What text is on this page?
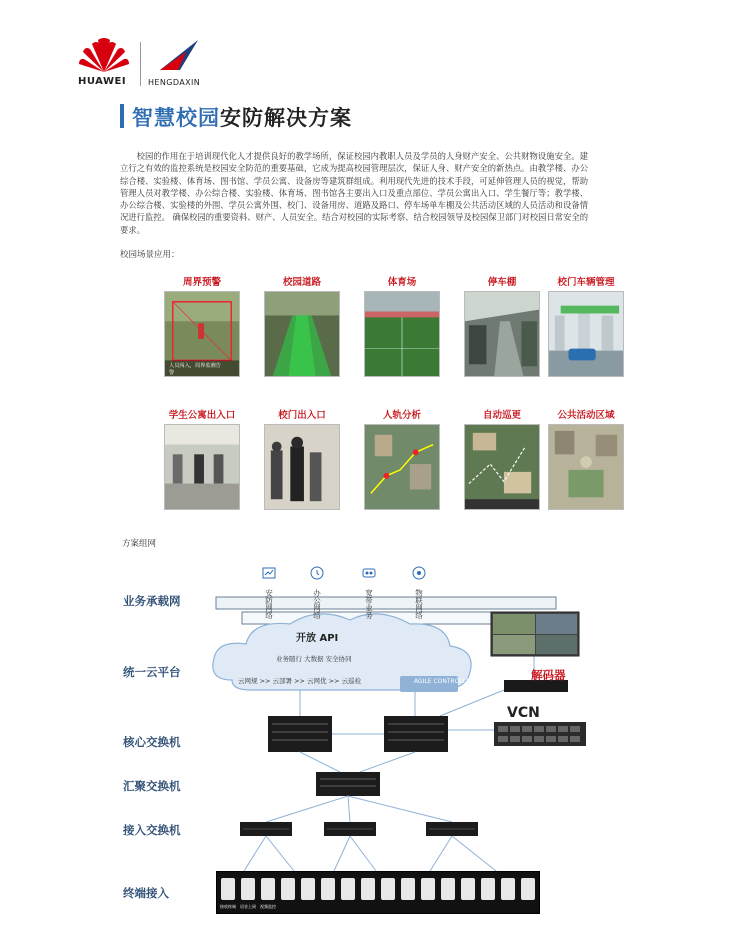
HUAWEI	HENGDAXIN
智慧校园安防解决方案
校园的作用在于培训现代化人才提供良好的教学场所，保证校园内教职人员及学员的人身财产安全、公共财物设施安全。建立行之有效的监控系统是校园安全防范的重要基础，它成为提高校园管理层次，保证人身、财产安全的新热点。由教学楼、办公综合楼、实验楼、体育场、图书馆、学员公寓、设备房等建筑群组成。利用现代先进的技术手段，可延伸管理人员的视觉，帮助管理人员对教学楼、办公综合楼、实验楼、体育场、图书馆各主要出入口及重点部位、学员公寓出入口、学生餐厅等；教学楼、办公综合楼、实验楼的外围、学员公寓外围、校门、设备用房、道路及路口、停车场单车棚及公共活动区域的人员活动和设备情况进行监控。 确保校园的重要资料、财产、人员安全。结合对校园的实际考察、结合校园领导及校园保卫部门对校园日常安全的要求。
校园场景应用：
周界预警
人员闯入，周界监测告警
校园道路	体育场	停车棚	校门车辆管理
学生公寓出入口	校门出入口	人轨分析	自动巡更	公共活动区域
方案组网
业务承载网
统一云平台
核心交换机
汇聚交换机
接入交换机
终端接入
安防网络	办公网络	宽带业务	物联网络
开放 API
业务随行 大数据 安全协同
云网规 >> 云部署 >> 云网优 >> 云巡检	AGILE CONTROLLER	解码器
VCN
接收终端	语音上网	视频监控
